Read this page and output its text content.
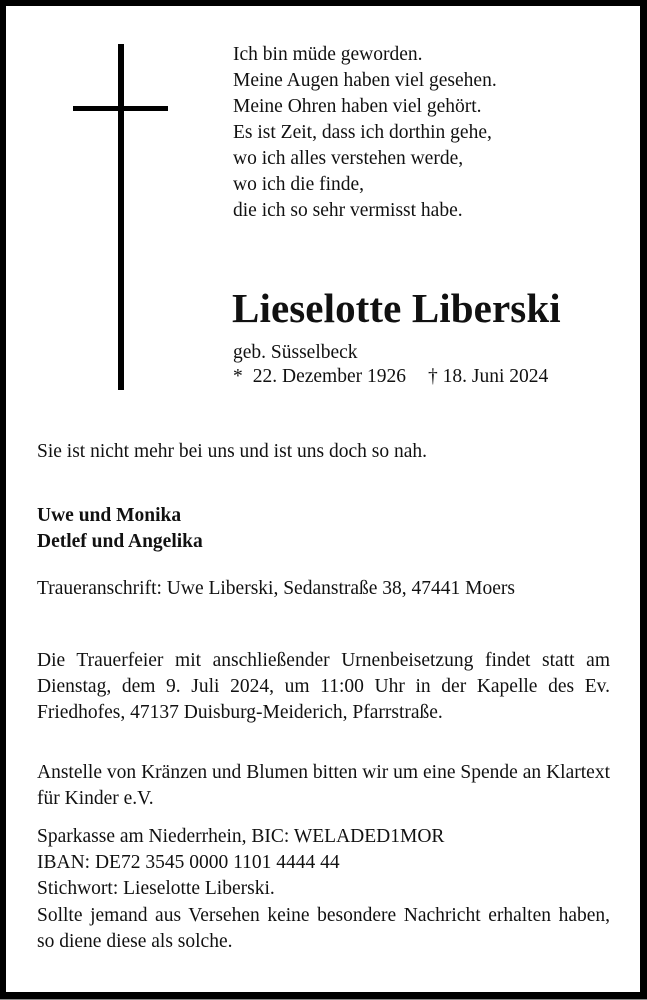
Ich bin müde geworden.
Meine Augen haben viel gesehen.
Meine Ohren haben viel gehört.
Es ist Zeit, dass ich dorthin gehe,
wo ich alles verstehen werde,
wo ich die finde,
die ich so sehr vermisst habe.
Lieselotte Liberski
geb. Süsselbeck
* 22. Dezember 1926 † 18. Juni 2024
Sie ist nicht mehr bei uns und ist uns doch so nah.
Uwe und Monika
Detlef und Angelika
Traueranschrift: Uwe Liberski, Sedanstraße 38, 47441 Moers
Die Trauerfeier mit anschließender Urnenbeisetzung findet statt am Dienstag, dem 9. Juli 2024, um 11:00 Uhr in der Kapelle des Ev. Friedhofes, 47137 Duisburg-Meiderich, Pfarrstraße.
Anstelle von Kränzen und Blumen bitten wir um eine Spende an Klartext für Kinder e.V.
Sparkasse am Niederrhein, BIC: WELADED1MOR
IBAN: DE72 3545 0000 1101 4444 44
Stichwort: Lieselotte Liberski.
Sollte jemand aus Versehen keine besondere Nachricht erhalten haben, so diene diese als solche.
